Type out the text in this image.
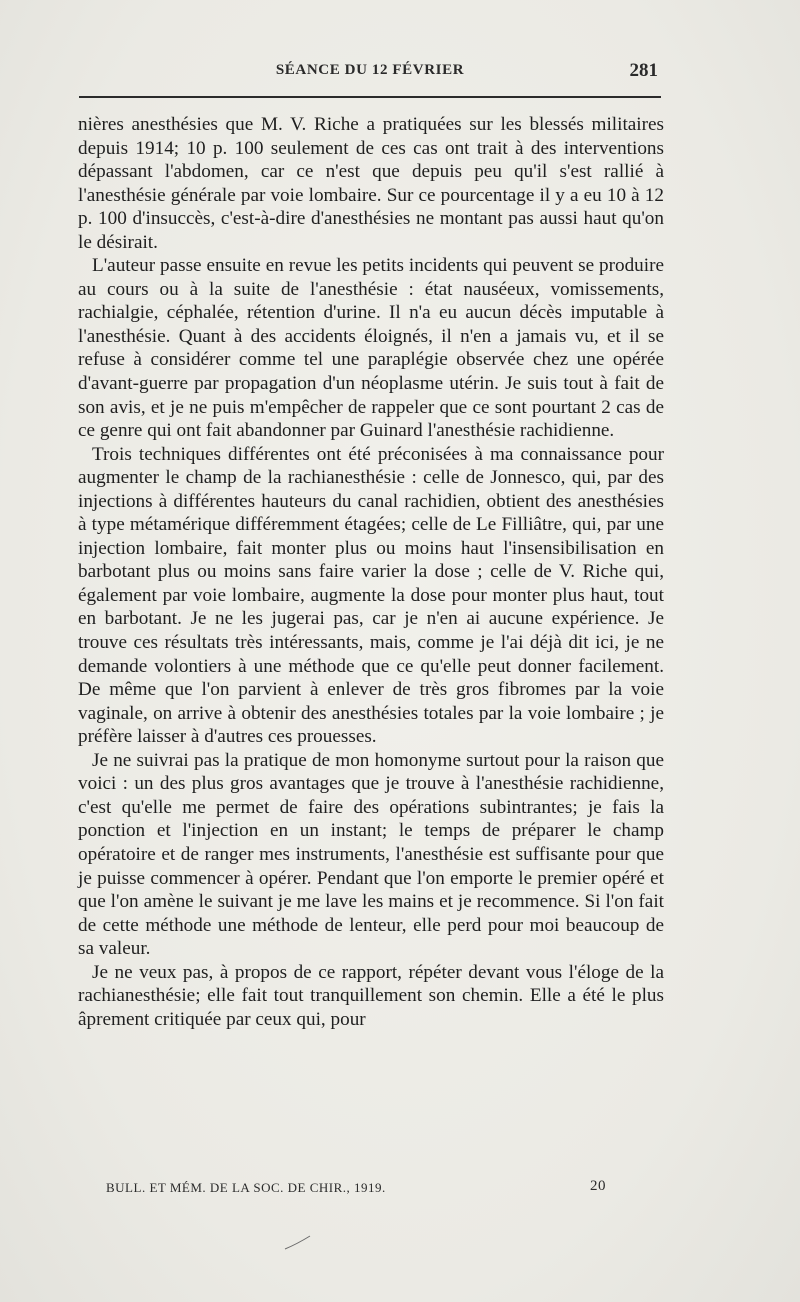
SÉANCE DU 12 FÉVRIER	281

nières anesthésies que M. V. Riche a pratiquées sur les blessés militaires depuis 1914; 10 p. 100 seulement de ces cas ont trait à des interventions dépassant l'abdomen, car ce n'est que depuis peu qu'il s'est rallié à l'anesthésie générale par voie lombaire. Sur ce pourcentage il y a eu 10 à 12 p. 100 d'insuccès, c'est-à-dire d'anesthésies ne montant pas aussi haut qu'on le désirait.

L'auteur passe ensuite en revue les petits incidents qui peuvent se produire au cours ou à la suite de l'anesthésie : état nauséeux, vomissements, rachialgie, céphalée, rétention d'urine. Il n'a eu aucun décès imputable à l'anesthésie. Quant à des accidents éloignés, il n'en a jamais vu, et il se refuse à considérer comme tel une paraplégie observée chez une opérée d'avant-guerre par propagation d'un néoplasme utérin. Je suis tout à fait de son avis, et je ne puis m'empêcher de rappeler que ce sont pourtant 2 cas de ce genre qui ont fait abandonner par Guinard l'anesthésie rachidienne.

Trois techniques différentes ont été préconisées à ma connaissance pour augmenter le champ de la rachianesthésie : celle de Jonnesco, qui, par des injections à différentes hauteurs du canal rachidien, obtient des anesthésies à type métamérique différemment étagées; celle de Le Filliâtre, qui, par une injection lombaire, fait monter plus ou moins haut l'insensibilisation en barbotant plus ou moins sans faire varier la dose ; celle de V. Riche qui, également par voie lombaire, augmente la dose pour monter plus haut, tout en barbotant. Je ne les jugerai pas, car je n'en ai aucune expérience. Je trouve ces résultats très intéressants, mais, comme je l'ai déjà dit ici, je ne demande volontiers à une méthode que ce qu'elle peut donner facilement. De même que l'on parvient à enlever de très gros fibromes par la voie vaginale, on arrive à obtenir des anesthésies totales par la voie lombaire ; je préfère laisser à d'autres ces prouesses.

Je ne suivrai pas la pratique de mon homonyme surtout pour la raison que voici : un des plus gros avantages que je trouve à l'anesthésie rachidienne, c'est qu'elle me permet de faire des opérations subintrantes; je fais la ponction et l'injection en un instant; le temps de préparer le champ opératoire et de ranger mes instruments, l'anesthésie est suffisante pour que je puisse commencer à opérer. Pendant que l'on emporte le premier opéré et que l'on amène le suivant je me lave les mains et je recommence. Si l'on fait de cette méthode une méthode de lenteur, elle perd pour moi beaucoup de sa valeur.

Je ne veux pas, à propos de ce rapport, répéter devant vous l'éloge de la rachianesthésie; elle fait tout tranquillement son chemin. Elle a été le plus âprement critiquée par ceux qui, pour

BULL. ET MÉM. DE LA SOC. DE CHIR., 1919.	20
